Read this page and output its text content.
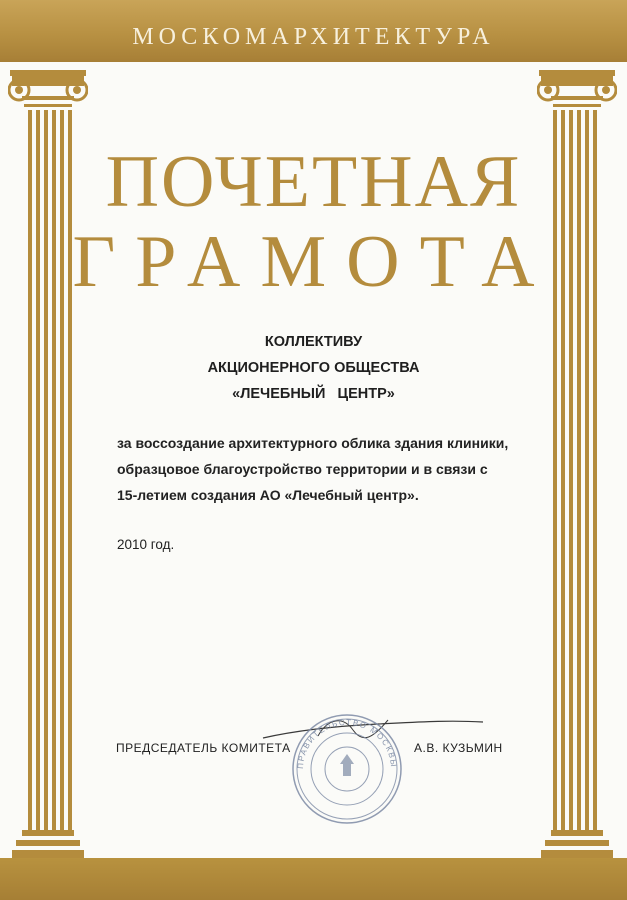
МОСКОМАРХИТЕКТУРА
ПОЧЕТНАЯ
ГРАМОТА
КОЛЛЕКТИВУ
АКЦИОНЕРНОГО ОБЩЕСТВА
«ЛЕЧЕБНЫЙ   ЦЕНТР»
за воссоздание архитектурного облика здания клиники,
образцовое благоустройство территории и в связи с
15-летием создания АО «Лечебный центр».
2010 год.
ПРЕДСЕДАТЕЛЬ КОМИТЕТА	А.В. КУЗЬМИН
ПРАВИТЕЛЬСТВО МОСКВЫ
